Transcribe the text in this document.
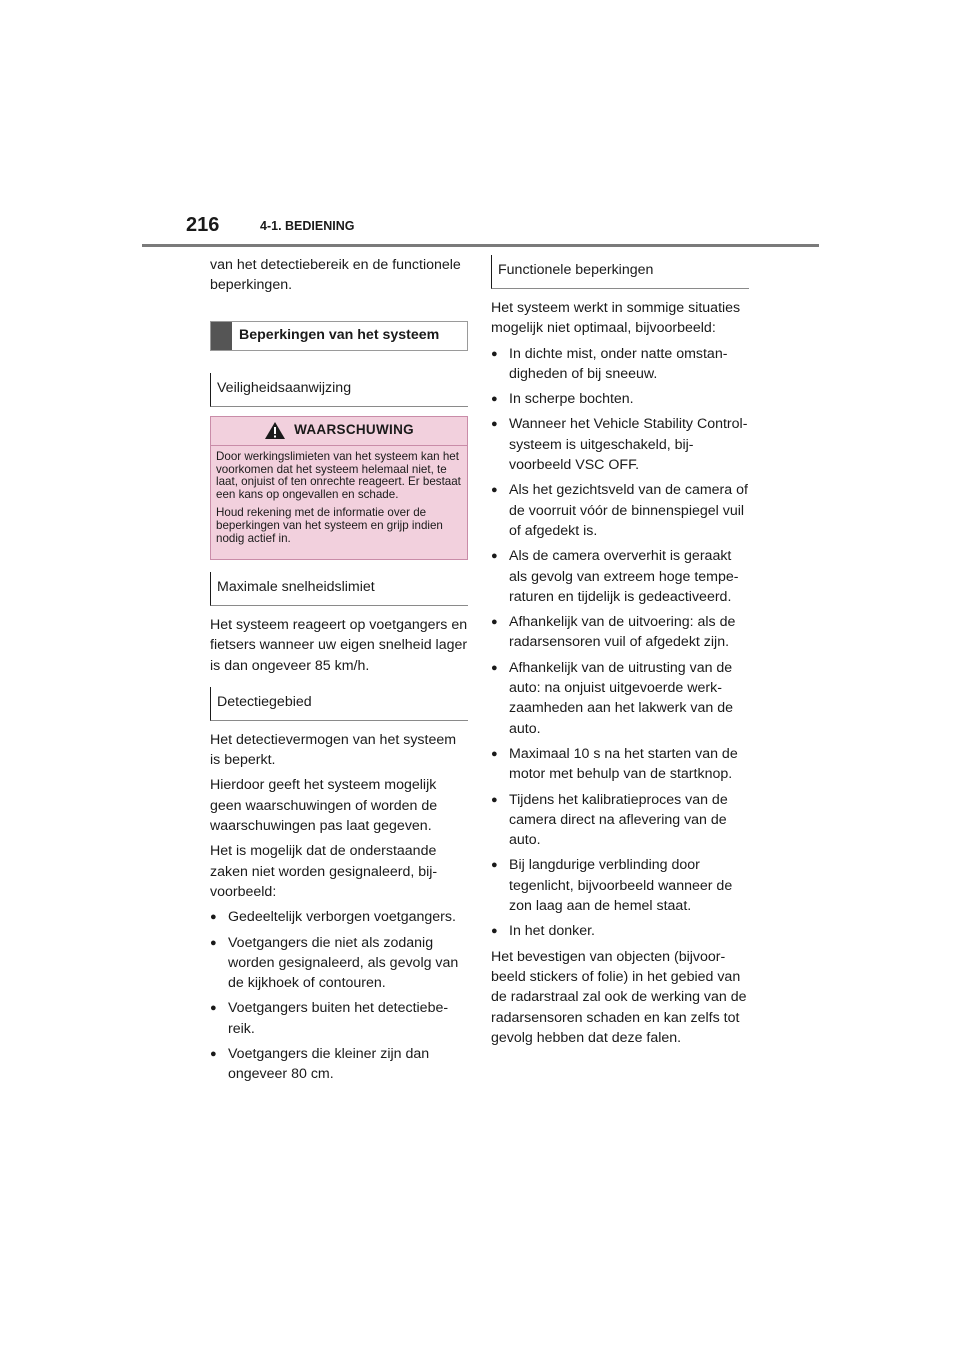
216	4-1. BEDIENING

van het detectiebereik en de functionele beperkingen.

Beperkingen van het systeem
Veiligheidsaanwijzing
WAARSCHUWING

Door werkingslimieten van het systeem kan het voorkomen dat het systeem helemaal niet, te laat, onjuist of ten onrechte reageert. Er bestaat een kans op ongevallen en schade.

Houd rekening met de informatie over de beperkingen van het systeem en grijp indien nodig actief in.

Maximale snelheidslimiet

Het systeem reageert op voetgangers en fietsers wanneer uw eigen snelheid lager is dan ongeveer 85 km/h.

Detectiegebied

Het detectievermogen van het systeem is beperkt.

Hierdoor geeft het systeem mogelijk geen waarschuwingen of worden de waarschuwingen pas laat gegeven.

Het is mogelijk dat de onderstaande zaken niet worden gesignaleerd, bijvoorbeeld:

● Gedeeltelijk verborgen voetgangers.
● Voetgangers die niet als zodanig worden gesignaleerd, als gevolg van de kijkhoek of contouren.
● Voetgangers buiten het detectiebereik.
● Voetgangers die kleiner zijn dan ongeveer 80 cm.
Functionele beperkingen

Het systeem werkt in sommige situaties mogelijk niet optimaal, bijvoorbeeld:

● In dichte mist, onder natte omstandigheden of bij sneeuw.
● In scherpe bochten.
● Wanneer het Vehicle Stability Control-systeem is uitgeschakeld, bijvoorbeeld VSC OFF.
● Als het gezichtsveld van de camera of de voorruit vóór de binnenspiegel vuil of afgedekt is.
● Als de camera oververhit is geraakt als gevolg van extreem hoge temperaturen en tijdelijk is gedeactiveerd.
● Afhankelijk van de uitvoering: als de radarsensoren vuil of afgedekt zijn.
● Afhankelijk van de uitrusting van de auto: na onjuist uitgevoerde werkzaamheden aan het lakwerk van de auto.
● Maximaal 10 s na het starten van de motor met behulp van de startknop.
● Tijdens het kalibratieproces van de camera direct na aflevering van de auto.
● Bij langdurige verblinding door tegenlicht, bijvoorbeeld wanneer de zon laag aan de hemel staat.
● In het donker.

Het bevestigen van objecten (bijvoorbeeld stickers of folie) in het gebied van de radarstraal zal ook de werking van de radarsensoren schaden en kan zelfs tot gevolg hebben dat deze falen.
